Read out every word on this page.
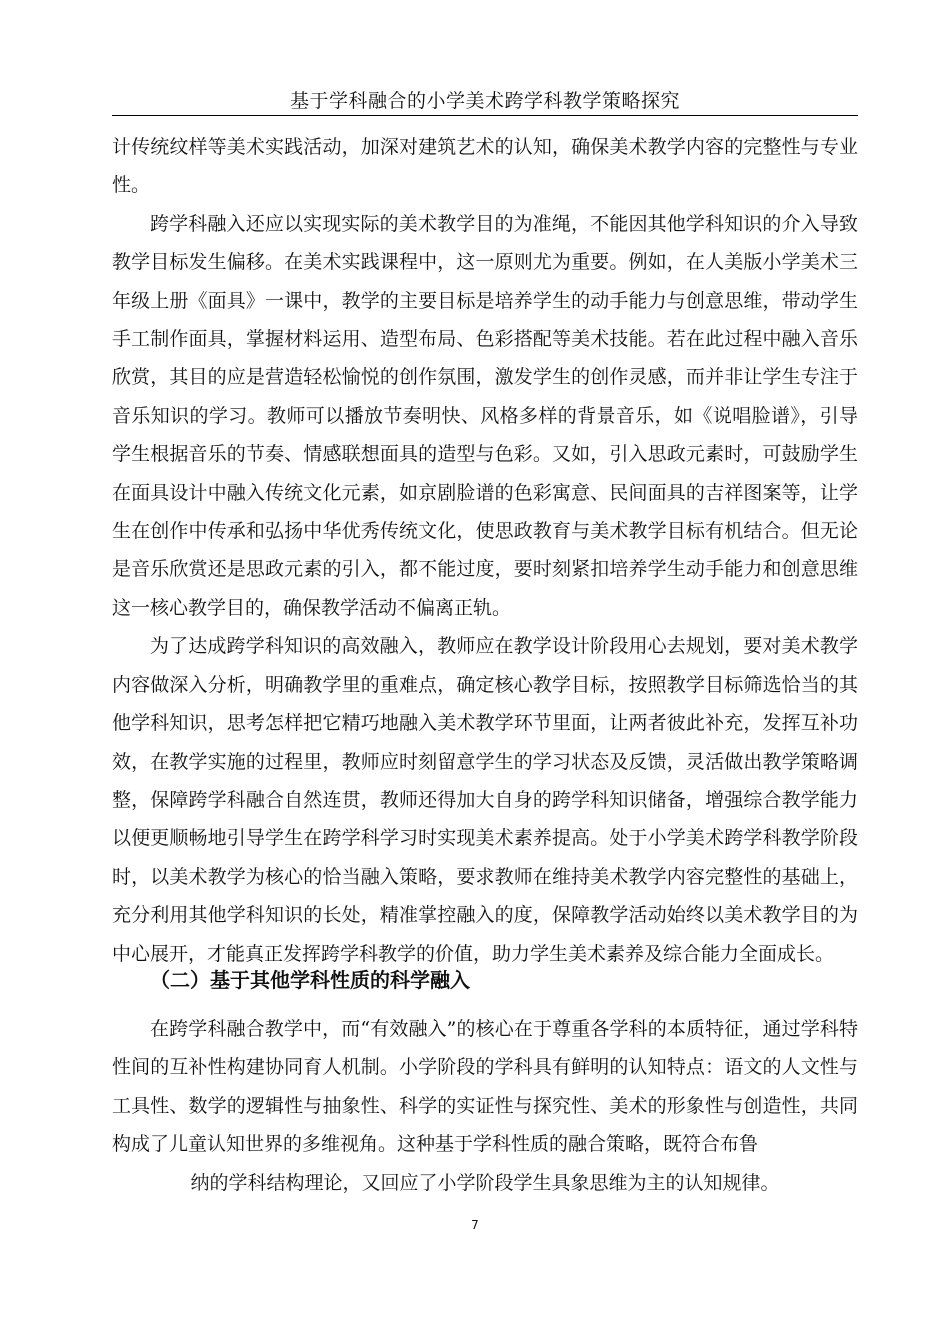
基于学科融合的小学美术跨学科教学策略探究

计传统纹样等美术实践活动，加深对建筑艺术的认知，确保美术教学内容的完整性与专业性。

跨学科融入还应以实现实际的美术教学目的为准绳，不能因其他学科知识的介入导致教学目标发生偏移。在美术实践课程中，这一原则尤为重要。例如，在人美版小学美术三年级上册《面具》一课中，教学的主要目标是培养学生的动手能力与创意思维，带动学生手工制作面具，掌握材料运用、造型布局、色彩搭配等美术技能。若在此过程中融入音乐欣赏，其目的应是营造轻松愉悦的创作氛围，激发学生的创作灵感，而并非让学生专注于音乐知识的学习。教师可以播放节奏明快、风格多样的背景音乐，如《说唱脸谱》，引导学生根据音乐的节奏、情感联想面具的造型与色彩。又如，引入思政元素时，可鼓励学生在面具设计中融入传统文化元素，如京剧脸谱的色彩寓意、民间面具的吉祥图案等，让学生在创作中传承和弘扬中华优秀传统文化，使思政教育与美术教学目标有机结合。但无论是音乐欣赏还是思政元素的引入，都不能过度，要时刻紧扣培养学生动手能力和创意思维这一核心教学目的，确保教学活动不偏离正轨。

为了达成跨学科知识的高效融入，教师应在教学设计阶段用心去规划，要对美术教学内容做深入分析，明确教学里的重难点，确定核心教学目标，按照教学目标筛选恰当的其他学科知识，思考怎样把它精巧地融入美术教学环节里面，让两者彼此补充，发挥互补功效，在教学实施的过程里，教师应时刻留意学生的学习状态及反馈，灵活做出教学策略调整，保障跨学科融合自然连贯，教师还得加大自身的跨学科知识储备，增强综合教学能力以便更顺畅地引导学生在跨学科学习时实现美术素养提高。处于小学美术跨学科教学阶段时，以美术教学为核心的恰当融入策略，要求教师在维持美术教学内容完整性的基础上，充分利用其他学科知识的长处，精准掌控融入的度，保障教学活动始终以美术教学目的为中心展开，才能真正发挥跨学科教学的价值，助力学生美术素养及综合能力全面成长。

（二）基于其他学科性质的科学融入

在跨学科融合教学中，而“有效融入”的核心在于尊重各学科的本质特征，通过学科特性间的互补性构建协同育人机制。小学阶段的学科具有鲜明的认知特点：语文的人文性与工具性、数学的逻辑性与抽象性、科学的实证性与探究性、美术的形象性与创造性，共同构成了儿童认知世界的多维视角。这种基于学科性质的融合策略，既符合布鲁

纳的学科结构理论，又回应了小学阶段学生具象思维为主的认知规律。

7
